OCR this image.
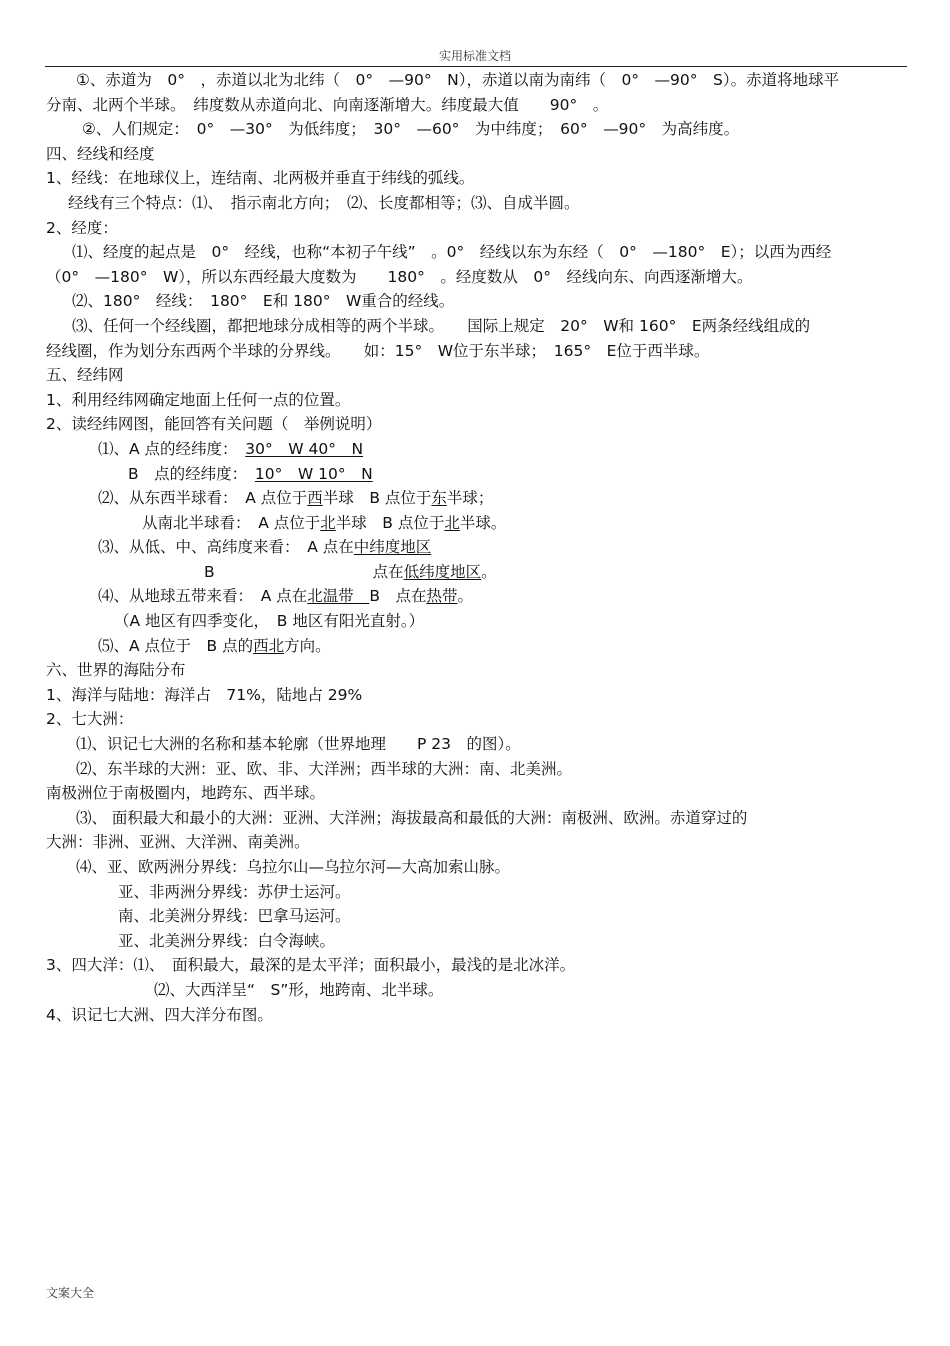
实用标准文档
①、赤道为　0°　，赤道以北为北纬（　0°　—90°　N），赤道以南为南纬（　0°　—90°　S）。赤道将地球平
分南、北两个半球。　纬度数从赤道向北、向南逐渐增大。纬度最大值　　90°　。
②、人们规定：　0°　—30°　为低纬度；　30°　—60°　为中纬度；　60°　—90°　为高纬度。
四、经线和经度
1、经线：在地球仪上，连结南、北两极并垂直于纬线的弧线。
经线有三个特点：⑴、　指示南北方向；　⑵、长度都相等；⑶、自成半圆。
2、经度：
⑴、经度的起点是　0°　经线，也称“本初子午线”　。0°　经线以东为东经（　0°　—180°　E）；以西为西经
（0°　—180°　W），所以东西经最大度数为　　180°　。经度数从　0°　经线向东、向西逐渐增大。
⑵、180°　经线：　180°　E和 180°　W重合的经线。
⑶、任何一个经线圈，都把地球分成相等的两个半球。　　国际上规定　20°　W和 160°　E两条经线组成的
经线圈，作为划分东西两个半球的分界线。　　如：15°　W位于东半球；　165°　E位于西半球。
五、经纬网
1、利用经纬网确定地面上任何一点的位置。
2、读经纬网图，能回答有关问题（　举例说明）
⑴、A 点的经纬度：　30°　W 40°　N
B　点的经纬度：　10°　W 10°　N
⑵、从东西半球看：　A 点位于西半球　B 点位于东半球；
从南北半球看：　A 点位于北半球　B 点位于北半球。
⑶、从低、中、高纬度来看：　A 点在中纬度地区
B	点在低纬度地区。
⑷、从地球五带来看：　A 点在北温带　B　点在热带。
（A 地区有四季变化，　B 地区有阳光直射。）
⑸、A 点位于　B 点的西北方向。
六、世界的海陆分布
1、海洋与陆地：海洋占　71%，陆地占 29%
2、七大洲：
⑴、识记七大洲的名称和基本轮廓（世界地理　　P 23　的图）。
⑵、东半球的大洲：亚、欧、非、大洋洲；西半球的大洲：南、北美洲。
南极洲位于南极圈内，地跨东、西半球。
⑶、 面积最大和最小的大洲：亚洲、大洋洲；海拔最高和最低的大洲：南极洲、欧洲。赤道穿过的
大洲：非洲、亚洲、大洋洲、南美洲。
⑷、亚、欧两洲分界线：乌拉尔山—乌拉尔河—大高加索山脉。
亚、非两洲分界线：苏伊士运河。
南、北美洲分界线：巴拿马运河。
亚、北美洲分界线：白令海峡。
3、四大洋：⑴、　面积最大，最深的是太平洋；面积最小，最浅的是北冰洋。
⑵、大西洋呈“　S”形，地跨南、北半球。
4、识记七大洲、四大洋分布图。
文案大全
